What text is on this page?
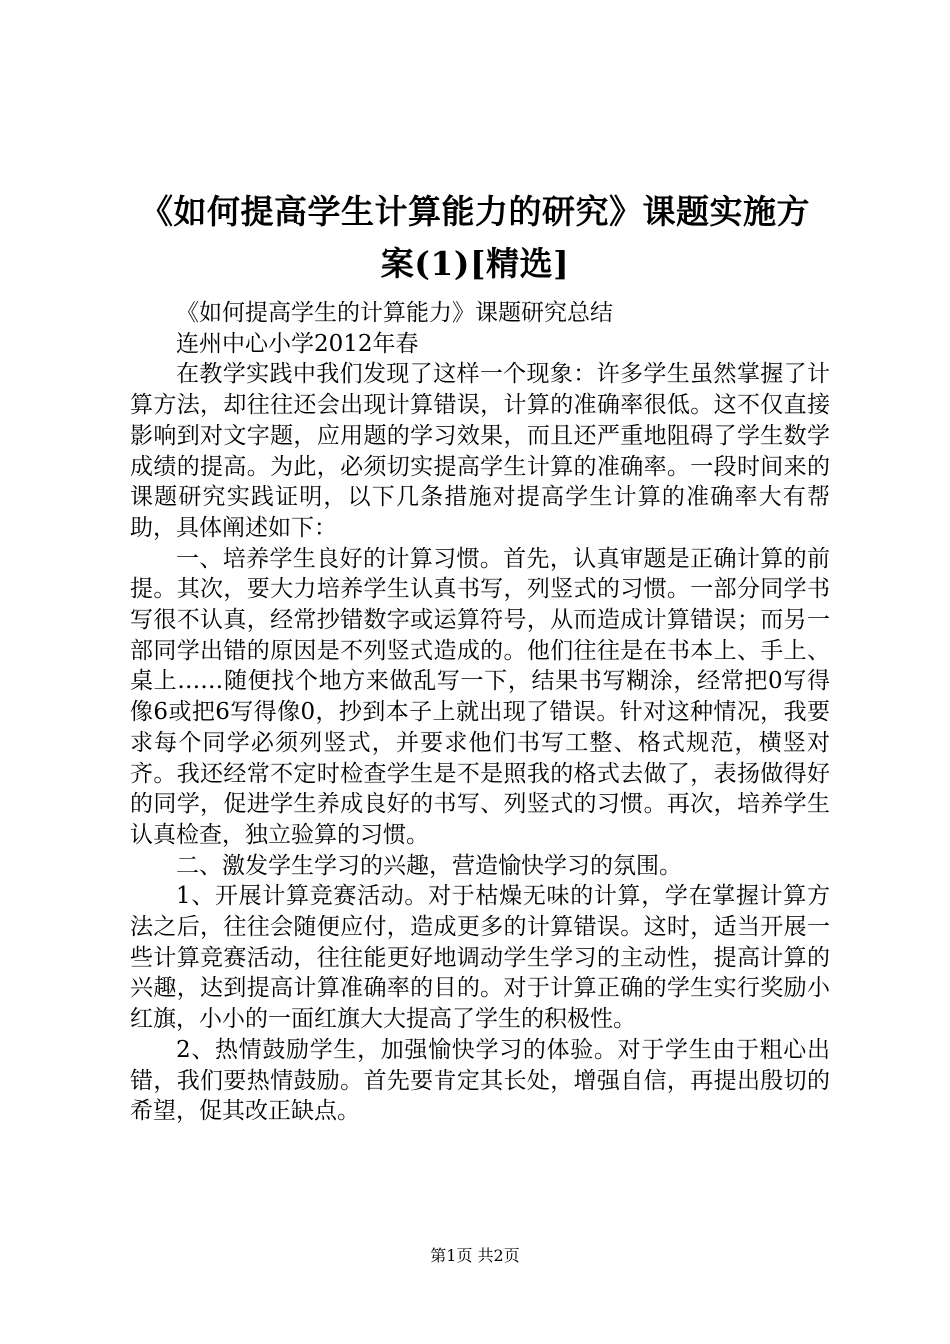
《如何提高学生计算能力的研究》课题实施方
案(1)[精选]

《如何提高学生的计算能力》课题研究总结

连州中心小学2012年春

在教学实践中我们发现了这样一个现象：许多学生虽然掌握了计算方法，却往往还会出现计算错误，计算的准确率很低。这不仅直接影响到对文字题，应用题的学习效果，而且还严重地阻碍了学生数学成绩的提高。为此，必须切实提高学生计算的准确率。一段时间来的课题研究实践证明，以下几条措施对提高学生计算的准确率大有帮助，具体阐述如下：

一、培养学生良好的计算习惯。首先，认真审题是正确计算的前提。其次，要大力培养学生认真书写，列竖式的习惯。一部分同学书写很不认真，经常抄错数字或运算符号，从而造成计算错误；而另一部同学出错的原因是不列竖式造成的。他们往往是在书本上、手上、桌上……随便找个地方来做乱写一下，结果书写糊涂，经常把0写得像6或把6写得像0，抄到本子上就出现了错误。针对这种情况，我要求每个同学必须列竖式，并要求他们书写工整、格式规范，横竖对齐。我还经常不定时检查学生是不是照我的格式去做了，表扬做得好的同学，促进学生养成良好的书写、列竖式的习惯。再次，培养学生认真检查，独立验算的习惯。

二、激发学生学习的兴趣，营造愉快学习的氛围。

1、开展计算竞赛活动。对于枯燥无味的计算，学在掌握计算方法之后，往往会随便应付，造成更多的计算错误。这时，适当开展一些计算竞赛活动，往往能更好地调动学生学习的主动性，提高计算的兴趣，达到提高计算准确率的目的。对于计算正确的学生实行奖励小红旗，小小的一面红旗大大提高了学生的积极性。

2、热情鼓励学生，加强愉快学习的体验。对于学生由于粗心出错，我们要热情鼓励。首先要肯定其长处，增强自信，再提出殷切的希望，促其改正缺点。

第1页 共2页
